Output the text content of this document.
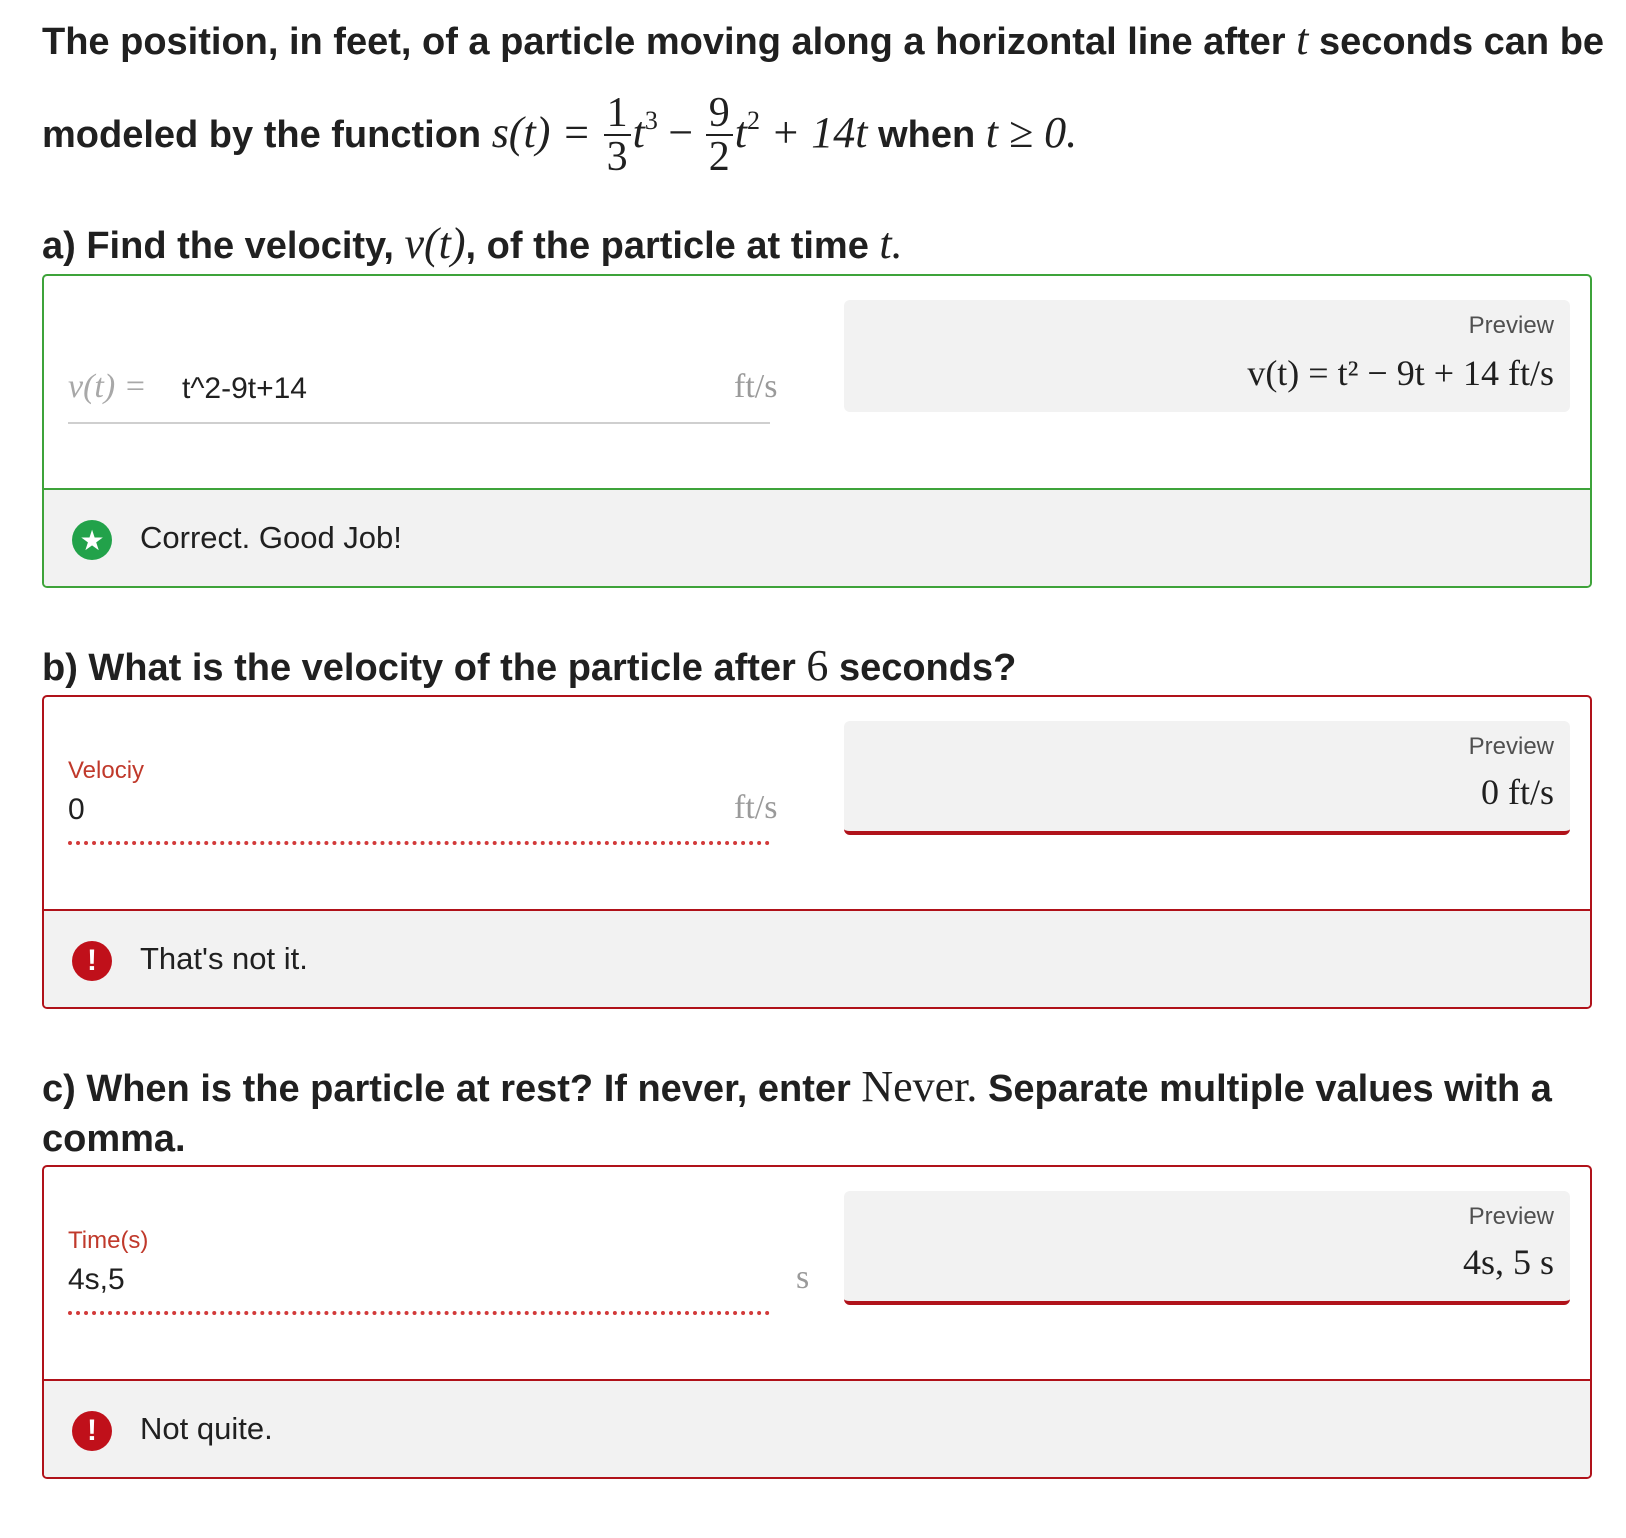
The position, in feet, of a particle moving along a horizontal line after t seconds can be
modeled by the function $s(t) = \frac{1}{3} t^3 - \frac{9}{2} t^2 + 14t$ when t ≥ 0.
a) Find the velocity, v(t), of the particle at time t.
v(t) = t^2-9t+14	ft/s
Preview
v(t) = t² − 9t + 14 ft/s
★ Correct. Good Job!
b) What is the velocity of the particle after 6 seconds?
Velociy
0	ft/s
Preview
0 ft/s
!	That's not it.
c) When is the particle at rest? If never, enter Never. Separate multiple values with a
comma.
Time(s)
4s,5	s
Preview
4s, 5 s
!	Not quite.
